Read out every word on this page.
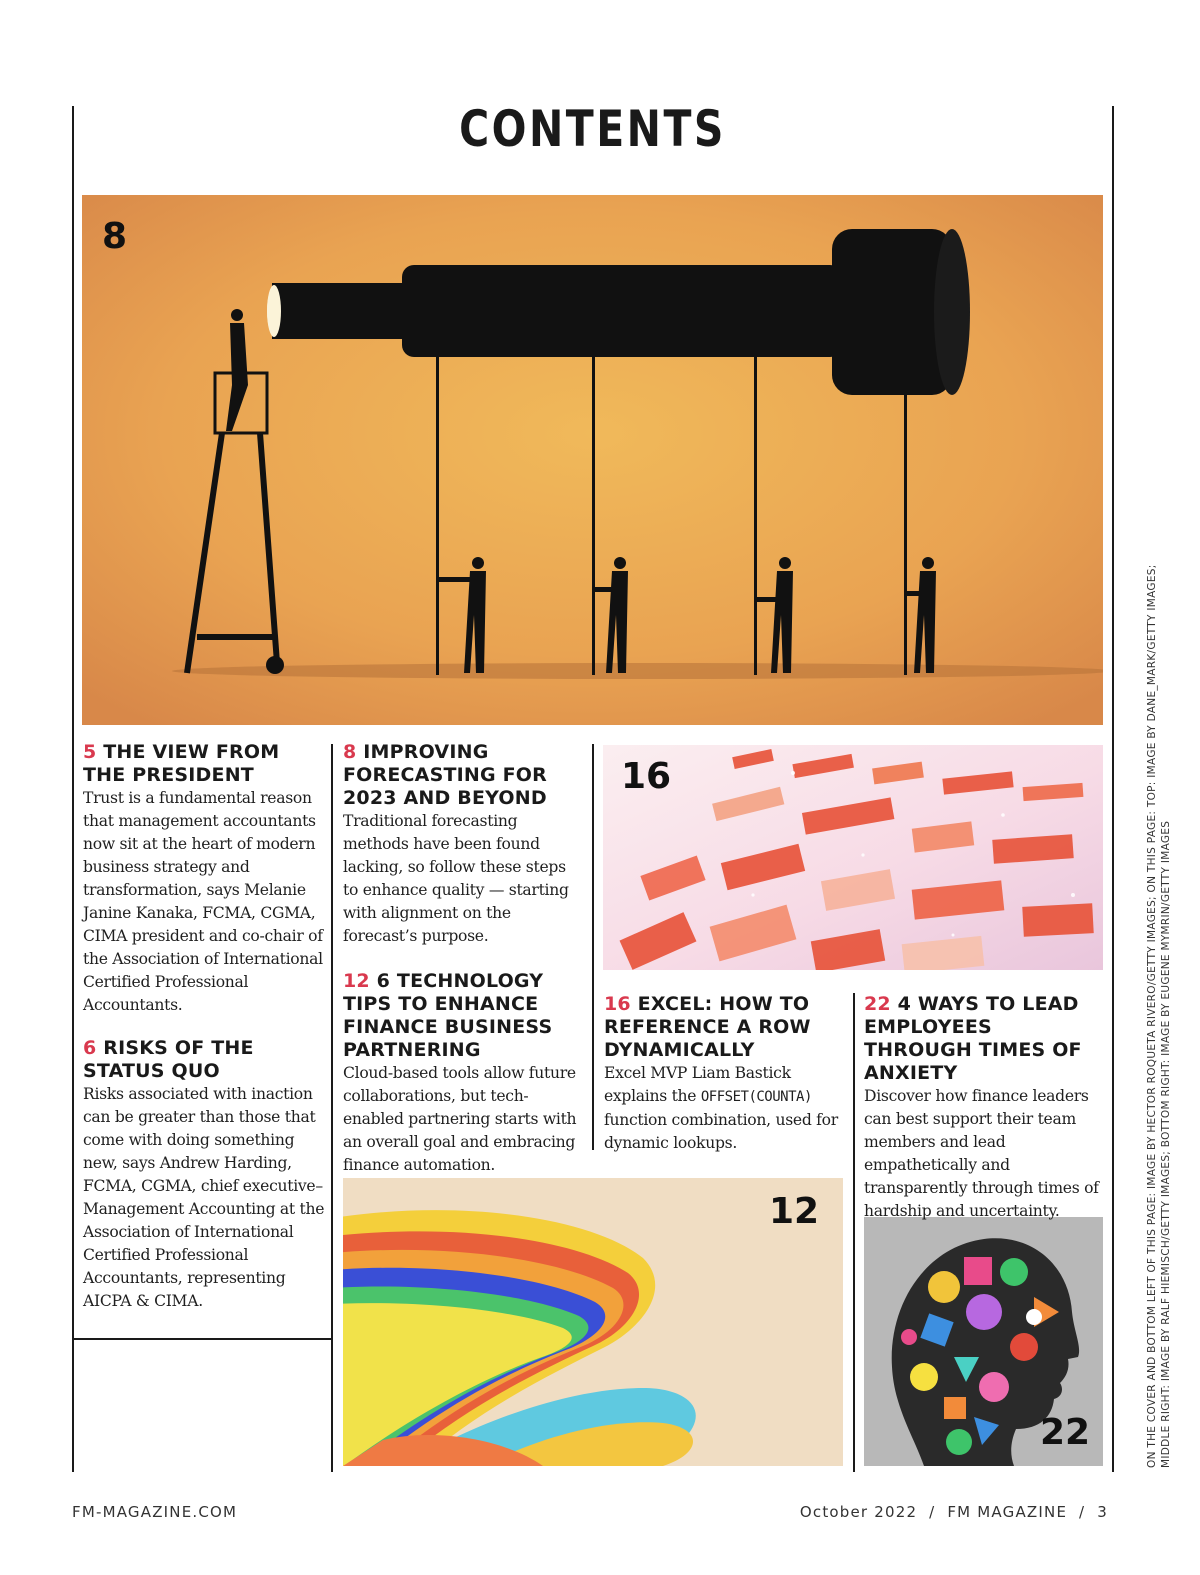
CONTENTS
8
16
12
22
5 THE VIEW FROM THE PRESIDENT

Trust is a fundamental reason that management accountants now sit at the heart of modern business strategy and transformation, says Melanie Janine Kanaka, FCMA, CGMA, CIMA president and co-chair of the Association of International Certified Professional Accountants.

6 RISKS OF THE STATUS QUO

Risks associated with inaction can be greater than those that come with doing something new, says Andrew Harding, FCMA, CGMA, chief executive–Management Accounting at the Association of International Certified Professional Accountants, representing AICPA & CIMA.

8 IMPROVING FORECASTING FOR 2023 AND BEYOND

Traditional forecasting methods have been found lacking, so follow these steps to enhance quality — starting with alignment on the forecast’s purpose.

12 6 TECHNOLOGY TIPS TO ENHANCE FINANCE BUSINESS PARTNERING

Cloud-based tools allow future collaborations, but tech-enabled partnering starts with an overall goal and embracing finance automation.

16 EXCEL: HOW TO REFERENCE A ROW DYNAMICALLY

Excel MVP Liam Bastick explains the OFFSET(COUNTA) function combination, used for dynamic lookups.

22 4 WAYS TO LEAD EMPLOYEES THROUGH TIMES OF ANXIETY

Discover how finance leaders can best support their team members and lead empathetically and transparently through times of hardship and uncertainty.	ON THE COVER AND BOTTOM LEFT OF THIS PAGE: IMAGE BY HECTOR ROQUETA RIVERO/GETTY IMAGES; ON THIS PAGE: TOP: IMAGE BY DANE_MARK/GETTY IMAGES; MIDDLE RIGHT: IMAGE BY RALF HIEMISCH/GETTY IMAGES; BOTTOM RIGHT: IMAGE BY EUGENE MYMRIN/GETTY IMAGES
FM-MAGAZINE.COM	October 2022  /  FM MAGAZINE  /  3
